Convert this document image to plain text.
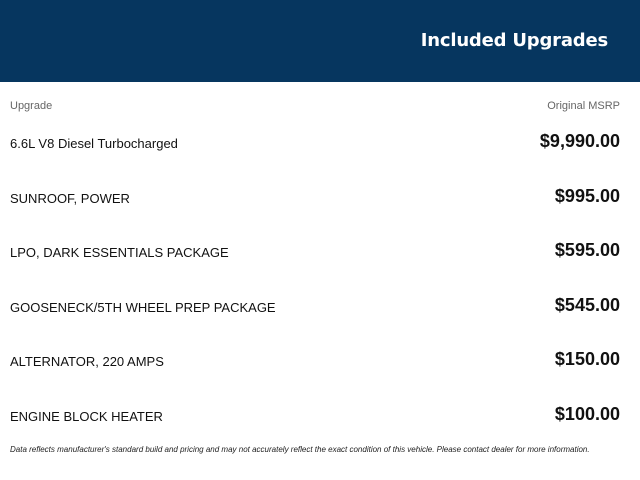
Included Upgrades
Upgrade	Original MSRP
6.6L V8 Diesel Turbocharged	$9,990.00
SUNROOF, POWER	$995.00
LPO, DARK ESSENTIALS PACKAGE	$595.00
GOOSENECK/5TH WHEEL PREP PACKAGE	$545.00
ALTERNATOR, 220 AMPS	$150.00
ENGINE BLOCK HEATER	$100.00
Data reflects manufacturer's standard build and pricing and may not accurately reflect the exact condition of this vehicle. Please contact dealer for more information.
